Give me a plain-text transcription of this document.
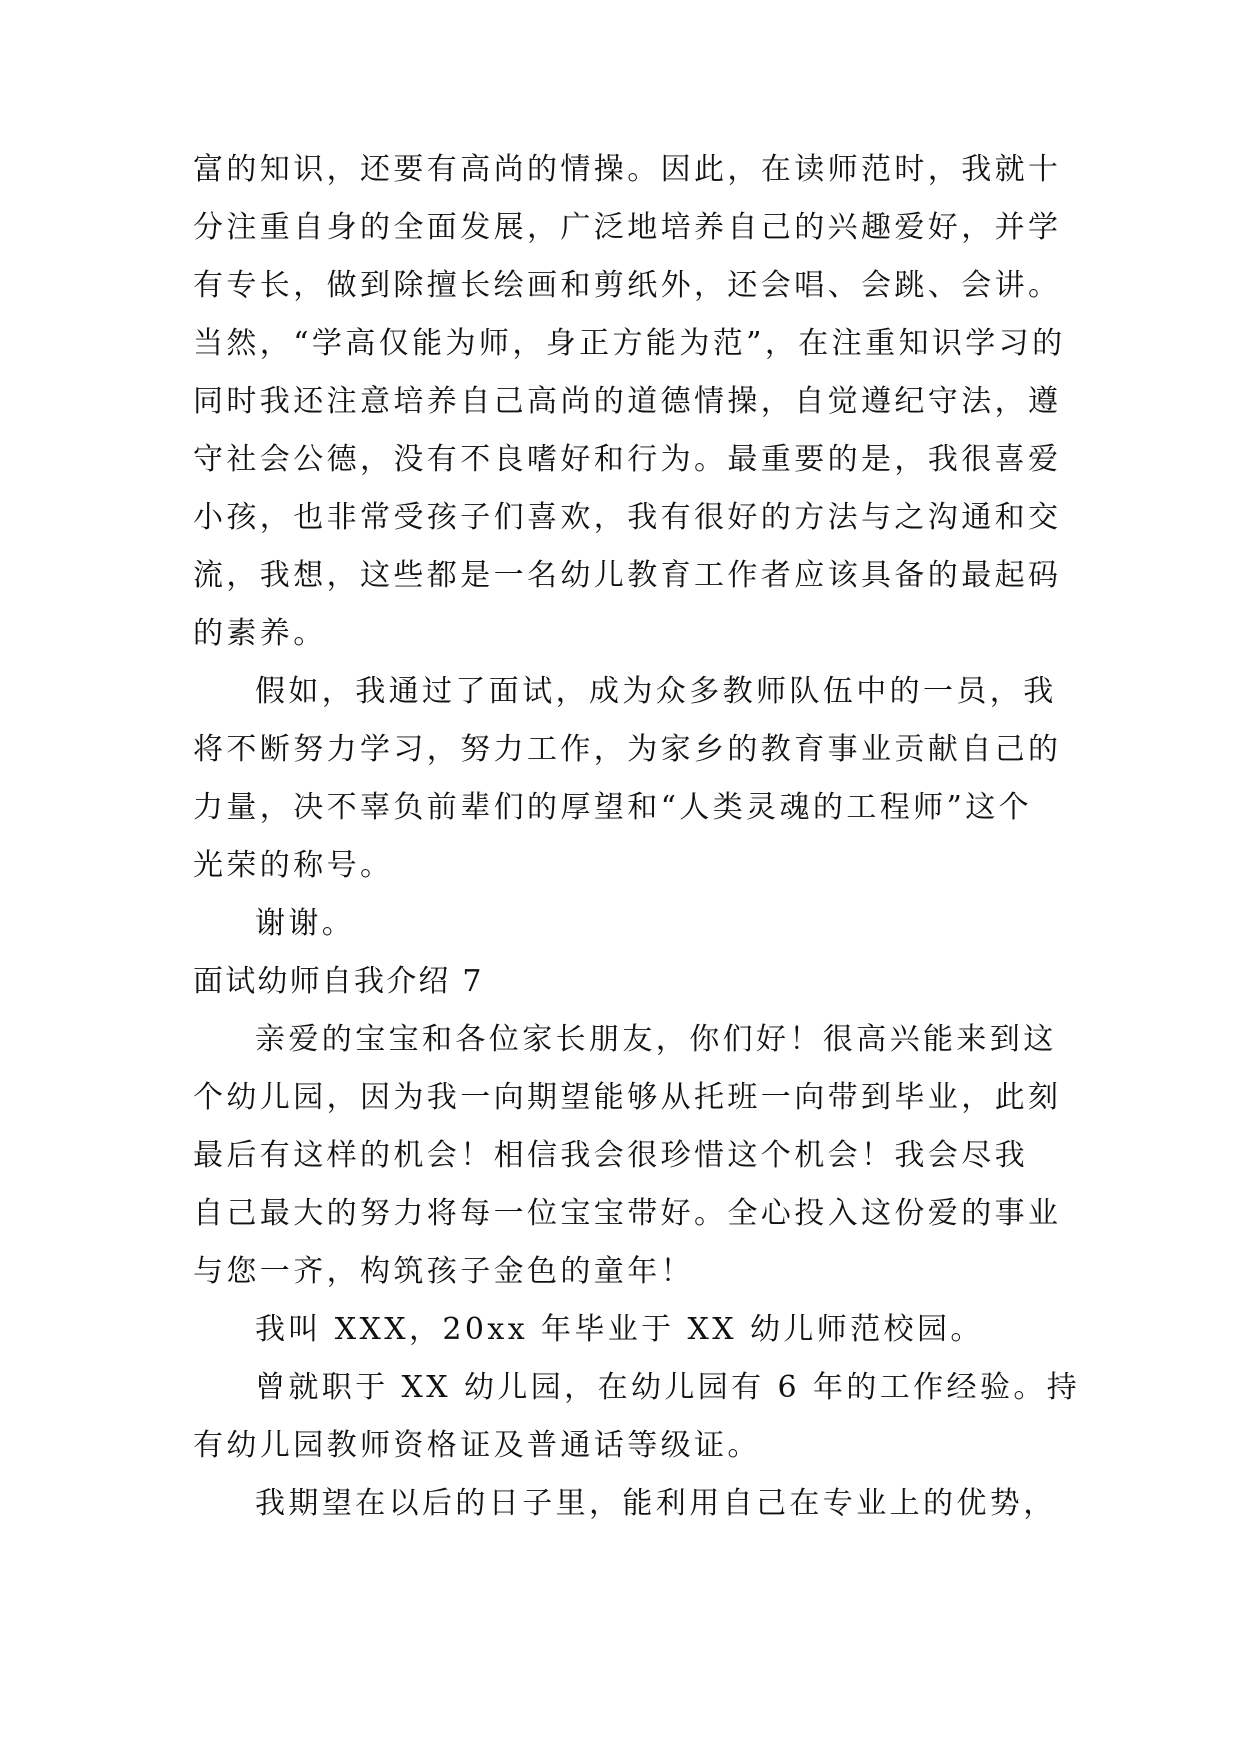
富的知识，还要有高尚的情操。因此，在读师范时，我就十

分注重自身的全面发展，广泛地培养自己的兴趣爱好，并学

有专长，做到除擅长绘画和剪纸外，还会唱、会跳、会讲。

当然，“学高仅能为师，身正方能为范”，在注重知识学习的

同时我还注意培养自己高尚的道德情操，自觉遵纪守法，遵

守社会公德，没有不良嗜好和行为。最重要的是，我很喜爱

小孩，也非常受孩子们喜欢，我有很好的方法与之沟通和交

流，我想，这些都是一名幼儿教育工作者应该具备的最起码

的素养。

假如，我通过了面试，成为众多教师队伍中的一员，我

将不断努力学习，努力工作，为家乡的教育事业贡献自己的

力量，决不辜负前辈们的厚望和“人类灵魂的工程师”这个

光荣的称号。

谢谢。

面试幼师自我介绍 7

亲爱的宝宝和各位家长朋友，你们好！很高兴能来到这

个幼儿园，因为我一向期望能够从托班一向带到毕业，此刻

最后有这样的机会！相信我会很珍惜这个机会！我会尽我

自己最大的努力将每一位宝宝带好。全心投入这份爱的事业

与您一齐，构筑孩子金色的童年！

我叫 XXX，20xx 年毕业于 XX 幼儿师范校园。

曾就职于 XX 幼儿园，在幼儿园有 6 年的工作经验。持

有幼儿园教师资格证及普通话等级证。

我期望在以后的日子里，能利用自己在专业上的优势，
